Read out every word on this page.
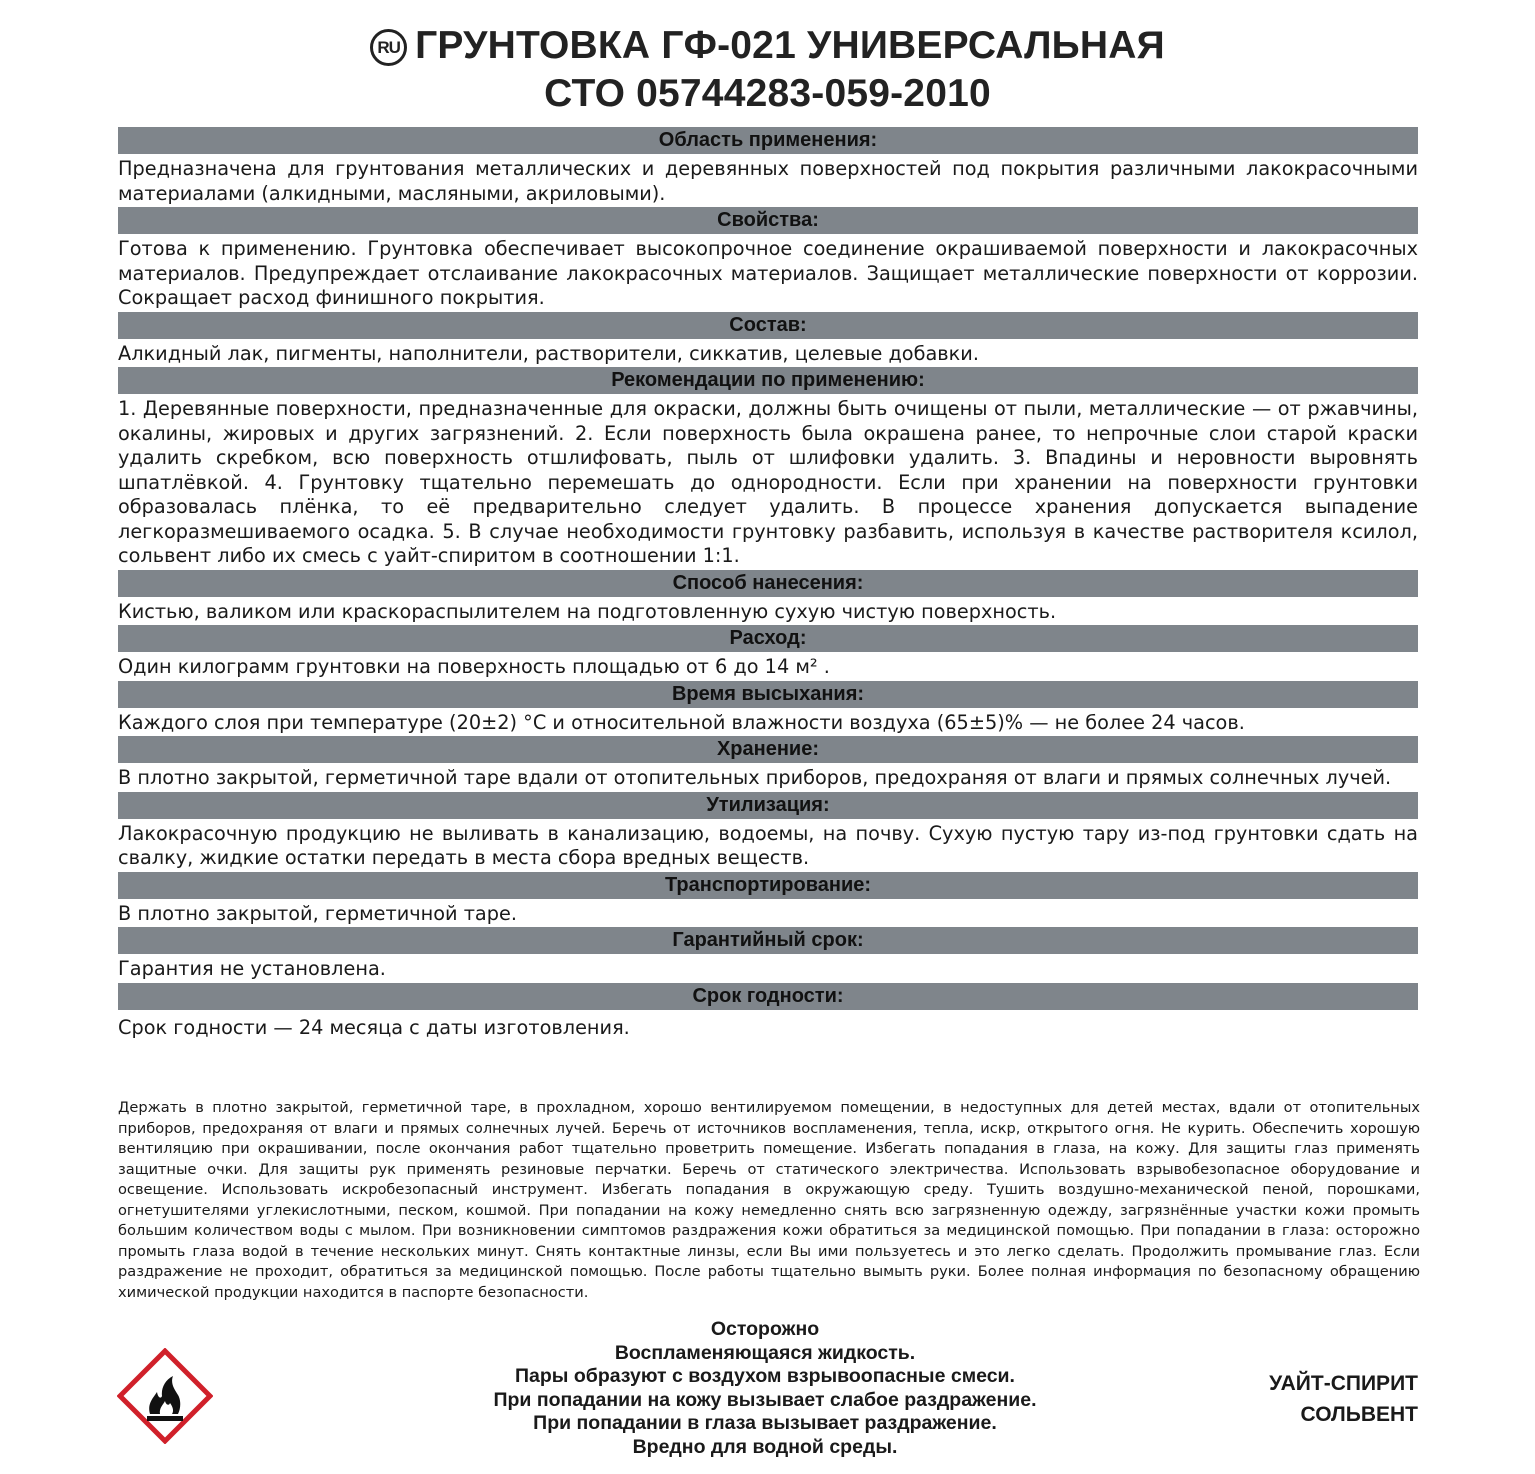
RU ГРУНТОВКА ГФ-021 УНИВЕРСАЛЬНАЯ
СТО 05744283-059-2010
Область применения:
Предназначена для грунтования металлических и деревянных поверхностей под покрытия различными лакокрасочными материалами (алкидными, масляными, акриловыми).
Свойства:
Готова к применению. Грунтовка обеспечивает высокопрочное соединение окрашиваемой поверхности и лакокрасочных материалов. Предупреждает отслаивание лакокрасочных материалов. Защищает металлические поверхности от коррозии. Сокращает расход финишного покрытия.
Состав:
Алкидный лак, пигменты, наполнители, растворители, сиккатив, целевые добавки.
Рекомендации по применению:
1. Деревянные поверхности, предназначенные для окраски, должны быть очищены от пыли, металлические — от ржавчины, окалины, жировых и других загрязнений. 2. Если поверхность была окрашена ранее, то непрочные слои старой краски удалить скребком, всю поверхность отшлифовать, пыль от шлифовки удалить. 3. Впадины и неровности выровнять шпатлёвкой. 4. Грунтовку тщательно перемешать до однородности. Если при хранении на поверхности грунтовки образовалась плёнка, то её предварительно следует удалить. В процессе хранения допускается выпадение легкоразмешиваемого осадка. 5. В случае необходимости грунтовку разбавить, используя в качестве растворителя ксилол, сольвент либо их смесь с уайт-спиритом в соотношении 1:1.
Способ нанесения:
Кистью, валиком или краскораспылителем на подготовленную сухую чистую поверхность.
Расход:
Один килограмм грунтовки на поверхность площадью от 6 до 14 м² .
Время высыхания:
Каждого слоя при температуре (20±2) °С и относительной влажности воздуха (65±5)% — не более 24 часов.
Хранение:
В плотно закрытой, герметичной таре вдали от отопительных приборов, предохраняя от влаги и прямых солнечных лучей.
Утилизация:
Лакокрасочную продукцию не выливать в канализацию, водоемы, на почву. Сухую пустую тару из-под грунтовки сдать на свалку, жидкие остатки передать в места сбора вредных веществ.
Транспортирование:
В плотно закрытой, герметичной таре.
Гарантийный срок:
Гарантия не установлена.
Срок годности:
Срок годности — 24 месяца с даты изготовления.
Держать в плотно закрытой, герметичной таре, в прохладном, хорошо вентилируемом помещении, в недоступных для детей местах, вдали от отопительных приборов, предохраняя от влаги и прямых солнечных лучей. Беречь от источников воспламенения, тепла, искр, открытого огня. Не курить. Обеспечить хорошую вентиляцию при окрашивании, после окончания работ тщательно проветрить помещение. Избегать попадания в глаза, на кожу. Для защиты глаз применять защитные очки. Для защиты рук применять резиновые перчатки. Беречь от статического электричества. Использовать взрывобезопасное оборудование и освещение. Использовать искробезопасный инструмент. Избегать попадания в окружающую среду. Тушить воздушно-механической пеной, порошками, огнетушителями углекислотными, песком, кошмой. При попадании на кожу немедленно снять всю загрязненную одежду, загрязнённые участки кожи промыть большим количеством воды с мылом. При возникновении симптомов раздражения кожи обратиться за медицинской помощью. При попадании в глаза: осторожно промыть глаза водой в течение нескольких минут. Снять контактные линзы, если Вы ими пользуетесь и это легко сделать. Продолжить промывание глаз. Если раздражение не проходит, обратиться за медицинской помощью. После работы тщательно вымыть руки. Более полная информация по безопасному обращению химической продукции находится в паспорте безопасности.
Осторожно
Воспламеняющаяся жидкость.
Пары образуют с воздухом взрывоопасные смеси.
При попадании на кожу вызывает слабое раздражение.
При попадании в глаза вызывает раздражение.
Вредно для водной среды.
УАЙТ-СПИРИТ
СОЛЬВЕНТ
